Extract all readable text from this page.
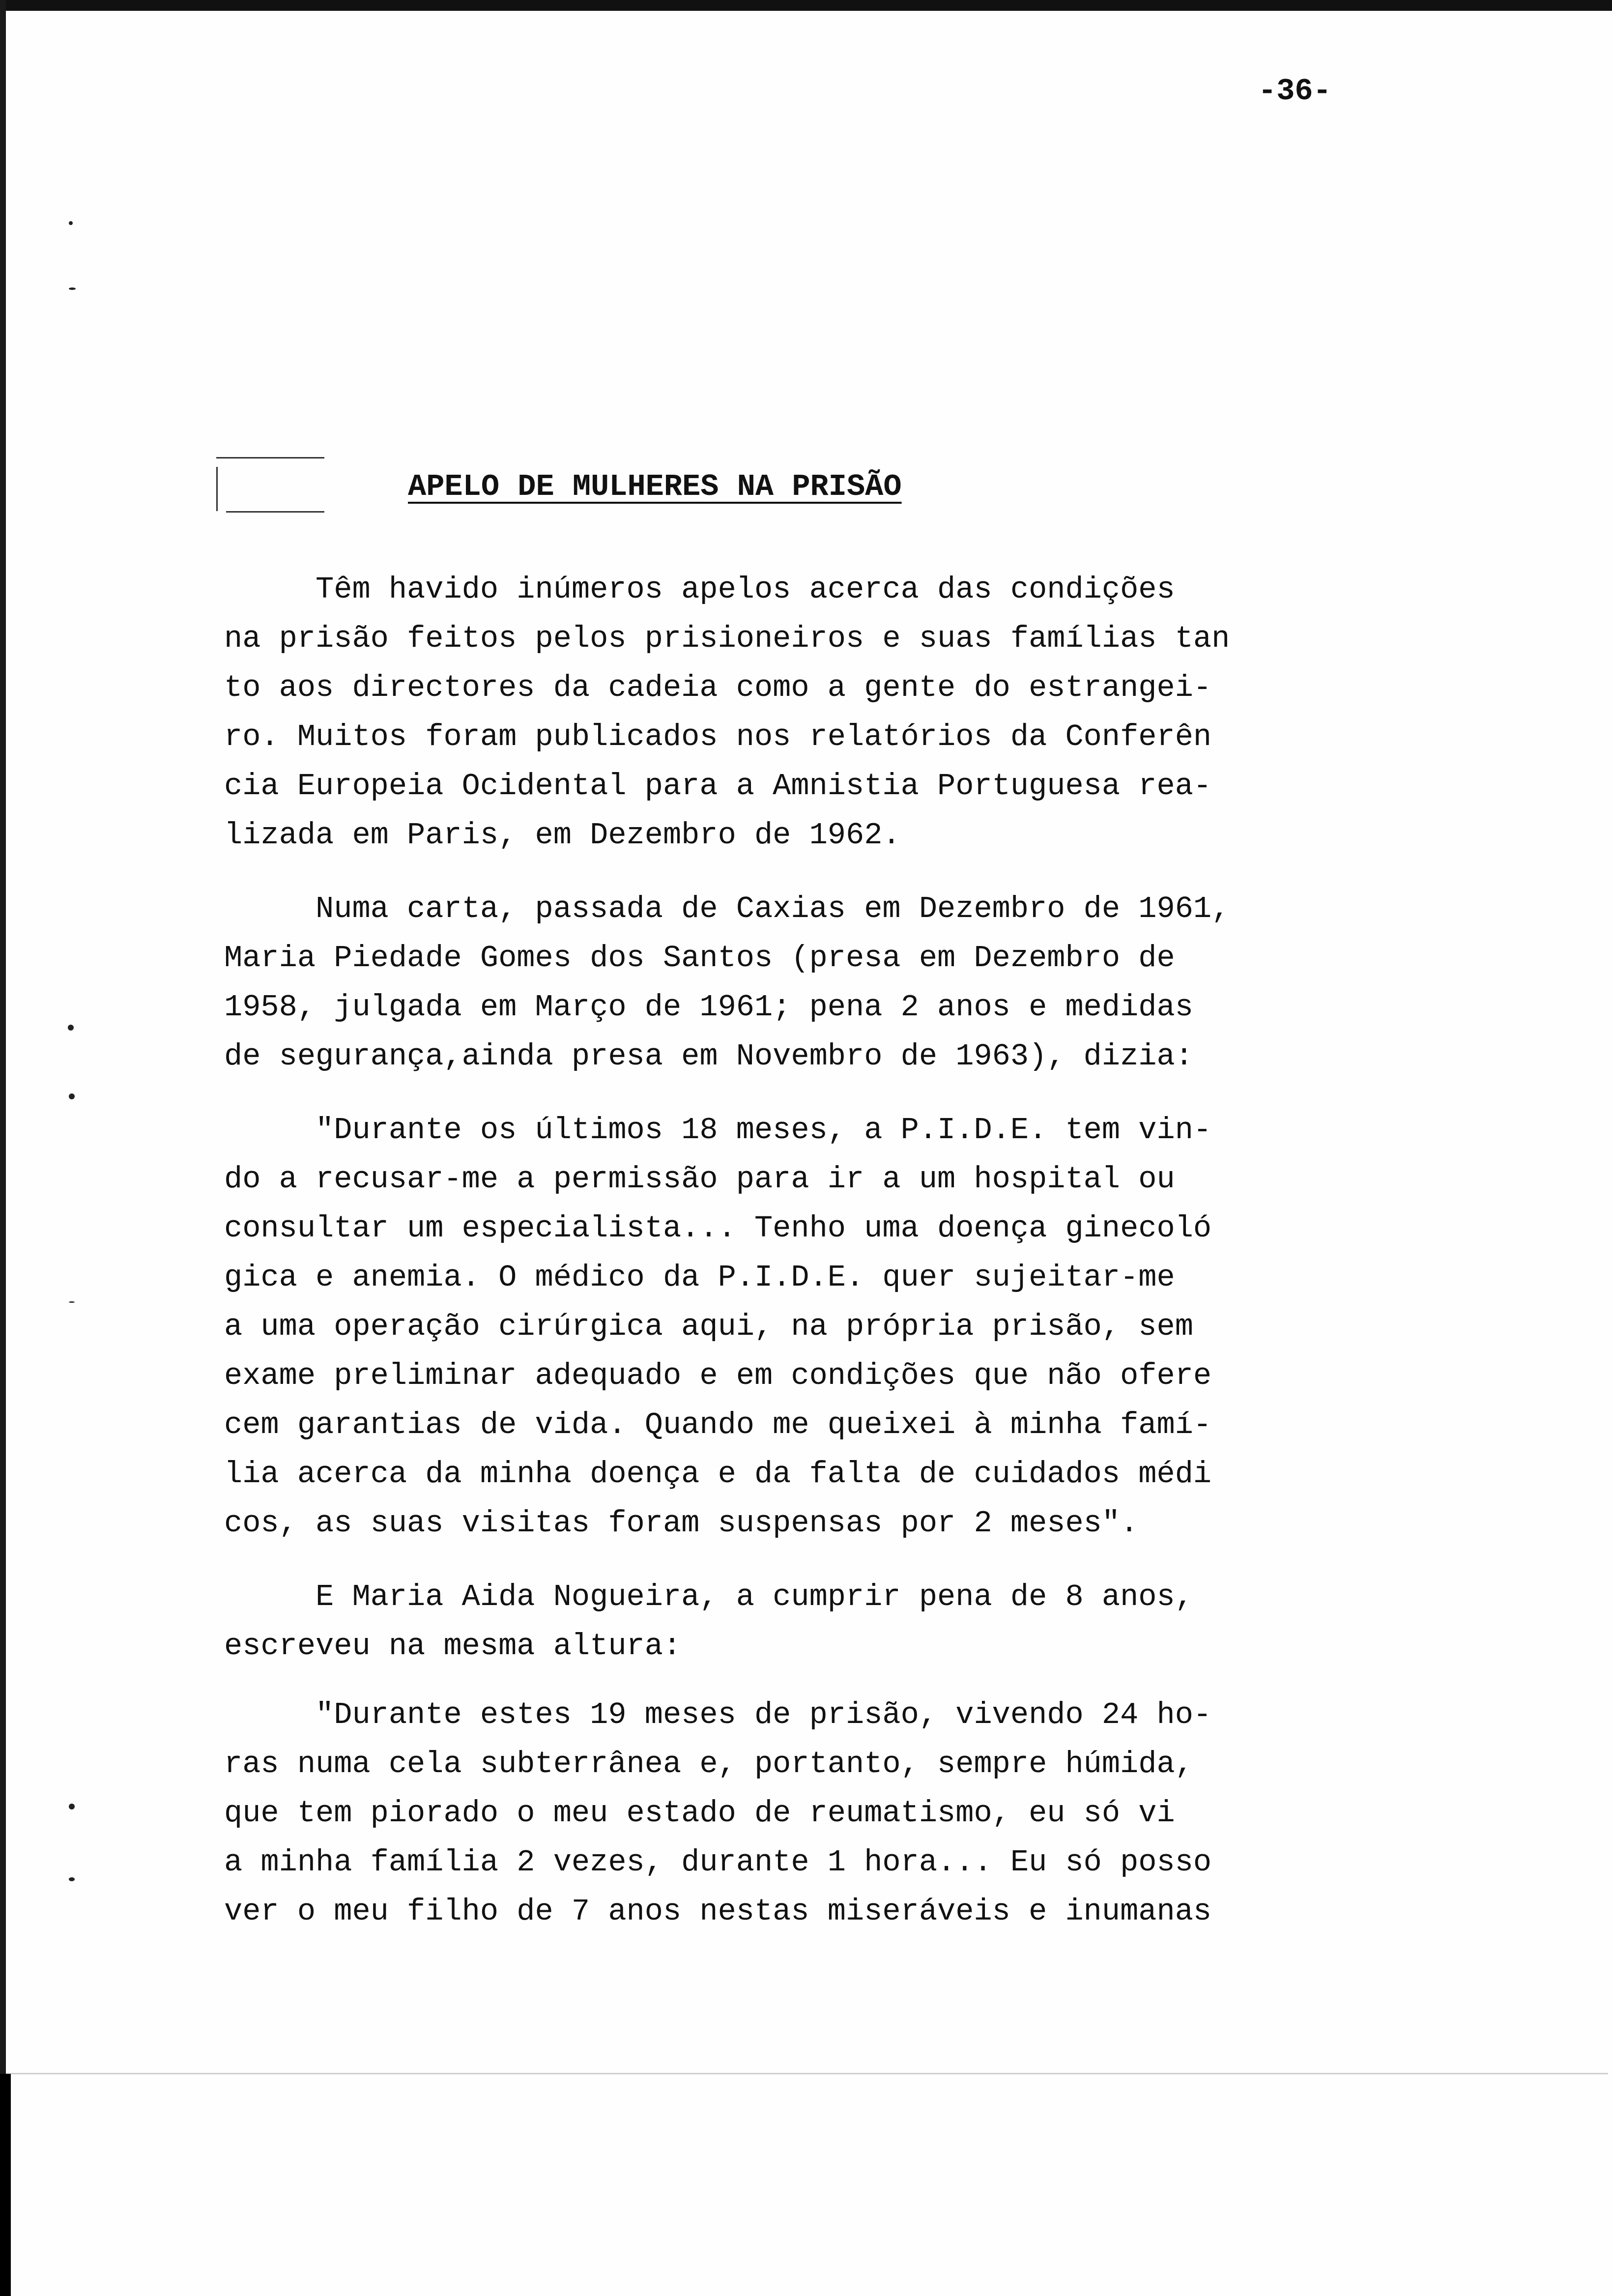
-36-
APELO DE MULHERES NA PRISÃO
Têm havido inúmeros apelos acerca das condições
na prisão feitos pelos prisioneiros e suas famílias tan
to aos directores da cadeia como a gente do estrangei-
ro. Muitos foram publicados nos relatórios da Conferên
cia Europeia Ocidental para a Amnistia Portuguesa rea-
lizada em Paris, em Dezembro de 1962.
Numa carta, passada de Caxias em Dezembro de 1961,
Maria Piedade Gomes dos Santos (presa em Dezembro de
1958, julgada em Março de 1961; pena 2 anos e medidas
de segurança,ainda presa em Novembro de 1963), dizia:
"Durante os últimos 18 meses, a P.I.D.E. tem vin-
do a recusar-me a permissão para ir a um hospital ou
consultar um especialista... Tenho uma doença ginecoló
gica e anemia. O médico da P.I.D.E. quer sujeitar-me
a uma operação cirúrgica aqui, na própria prisão, sem
exame preliminar adequado e em condições que não ofere
cem garantias de vida. Quando me queixei à minha famí-
lia acerca da minha doença e da falta de cuidados médi
cos, as suas visitas foram suspensas por 2 meses".
E Maria Aida Nogueira, a cumprir pena de 8 anos,
escreveu na mesma altura:
"Durante estes 19 meses de prisão, vivendo 24 ho-
ras numa cela subterrânea e, portanto, sempre húmida,
que tem piorado o meu estado de reumatismo, eu só vi
a minha família 2 vezes, durante 1 hora... Eu só posso
ver o meu filho de 7 anos nestas miseráveis e inumanas
